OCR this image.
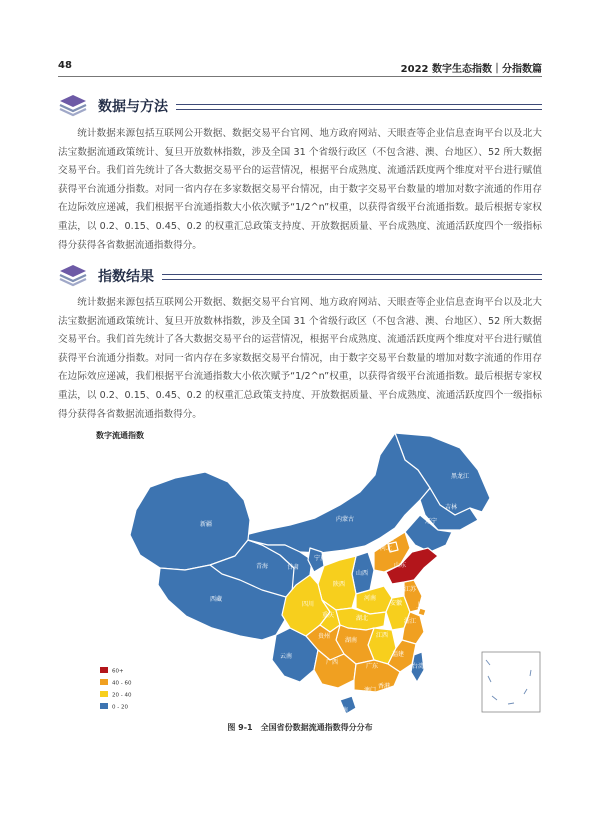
48	2022 数字生态指数｜分指数篇
数据与方法
统计数据来源包括互联网公开数据、数据交易平台官网、地方政府网站、天眼查等企业信息查询平台以及北大法宝数据流通政策统计、复旦开放数林指数，涉及全国 31 个省级行政区（不包含港、澳、台地区）、52 所大数据交易平台。我们首先统计了各大数据交易平台的运营情况，根据平台成熟度、流通活跃度两个维度对平台进行赋值获得平台流通分指数。对同一省内存在多家数据交易平台情况，由于数字交易平台数量的增加对数字流通的作用存在边际效应递减，我们根据平台流通指数大小依次赋予“1/2^n”权重，以获得省级平台流通指数。最后根据专家权重法，以 0.2、0.15、0.45、0.2 的权重汇总政策支持度、开放数据质量、平台成熟度、流通活跃度四个一级指标得分获得各省数据流通指数得分。
指数结果
统计数据来源包括互联网公开数据、数据交易平台官网、地方政府网站、天眼查等企业信息查询平台以及北大法宝数据流通政策统计、复旦开放数林指数，涉及全国 31 个省级行政区（不包含港、澳、台地区）、52 所大数据交易平台。我们首先统计了各大数据交易平台的运营情况，根据平台成熟度、流通活跃度两个维度对平台进行赋值获得平台流通分指数。对同一省内存在多家数据交易平台情况，由于数字交易平台数量的增加对数字流通的作用存在边际效应递减，我们根据平台流通指数大小依次赋予“1/2^n”权重，以获得省级平台流通指数。最后根据专家权重法，以 0.2、0.15、0.45、0.2 的权重汇总政策支持度、开放数据质量、平台成熟度、流通活跃度四个一级指标得分获得各省数据流通指数得分。
数字流通指数
黑龙江
吉林
辽宁
内蒙古
新疆
西藏
青海	甘肃
宁夏
山西
陕西
河北
北京
山东
河南
江苏
安徽
湖北
四川
重庆
上海
浙江
湖南
江西
贵州
云南
广西
广东
福建
台湾
海南
澳门
香港
60+
40 - 60
20 - 40
0 - 20
图 9-1　全国省份数据流通指数得分分布
